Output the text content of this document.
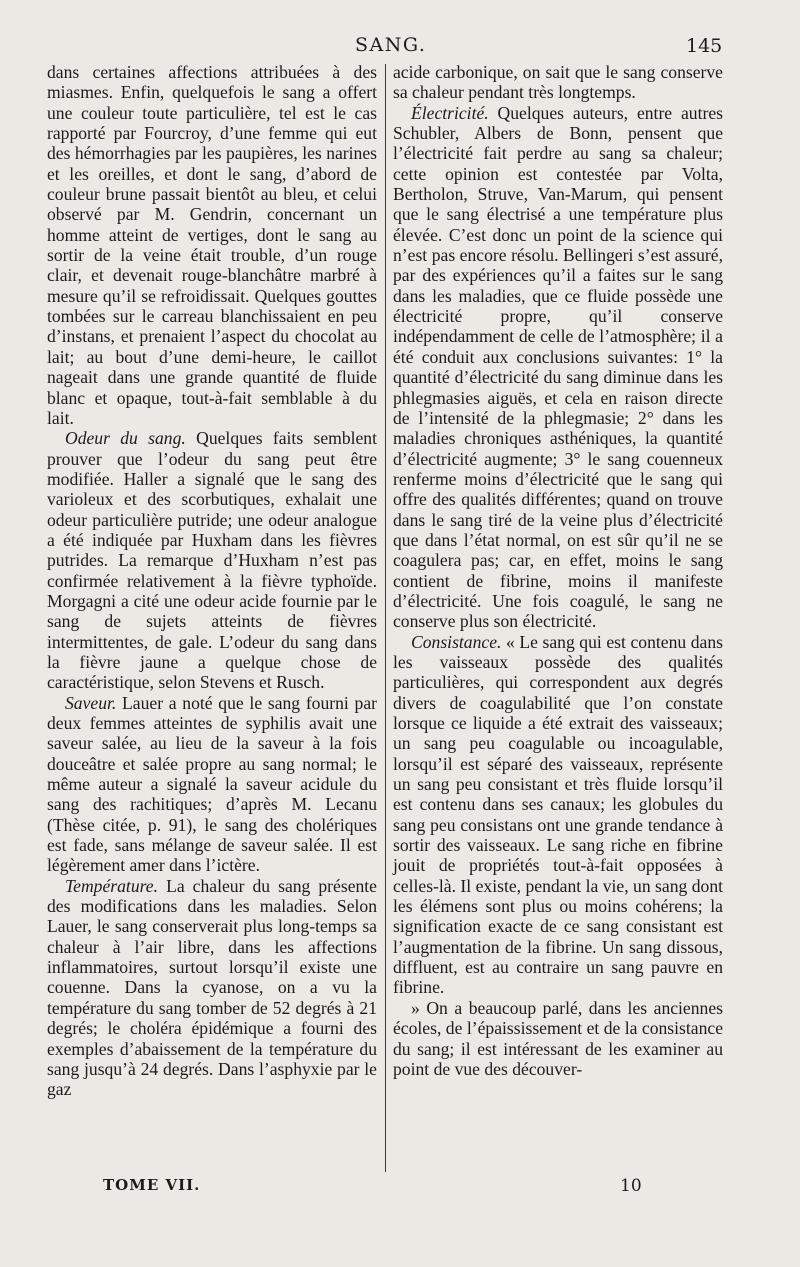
SANG.	145

dans certaines affections attribuées à des miasmes. Enfin, quelquefois le sang a offert une couleur toute particulière, tel est le cas rapporté par Fourcroy, d’une femme qui eut des hémorrhagies par les paupières, les narines et les oreilles, et dont le sang, d’abord de couleur brune passait bientôt au bleu, et celui observé par M. Gendrin, concernant un homme atteint de vertiges, dont le sang au sortir de la veine était trouble, d’un rouge clair, et devenait rouge-blanchâtre marbré à mesure qu’il se refroidissait. Quelques gouttes tombées sur le carreau blanchissaient en peu d’instans, et prenaient l’aspect du chocolat au lait; au bout d’une demi-heure, le caillot nageait dans une grande quantité de fluide blanc et opaque, tout-à-fait semblable à du lait.

Odeur du sang. Quelques faits semblent prouver que l’odeur du sang peut être modifiée. Haller a signalé que le sang des varioleux et des scorbutiques, exhalait une odeur particulière putride; une odeur analogue a été indiquée par Huxham dans les fièvres putrides. La remarque d’Huxham n’est pas confirmée relativement à la fièvre typhoïde. Morgagni a cité une odeur acide fournie par le sang de sujets atteints de fièvres intermittentes, de gale. L’odeur du sang dans la fièvre jaune a quelque chose de caractéristique, selon Stevens et Rusch.

Saveur. Lauer a noté que le sang fourni par deux femmes atteintes de syphilis avait une saveur salée, au lieu de la saveur à la fois douceâtre et salée propre au sang normal; le même auteur a signalé la saveur acidule du sang des rachitiques; d’après M. Lecanu (Thèse citée, p. 91), le sang des cholériques est fade, sans mélange de saveur salée. Il est légèrement amer dans l’ictère.

Température. La chaleur du sang présente des modifications dans les maladies. Selon Lauer, le sang conserverait plus long-temps sa chaleur à l’air libre, dans les affections inflammatoires, surtout lorsqu’il existe une couenne. Dans la cyanose, on a vu la température du sang tomber de 52 degrés à 21 degrés; le choléra épidémique a fourni des exemples d’abaissement de la température du sang jusqu’à 24 degrés. Dans l’asphyxie par le gaz

acide carbonique, on sait que le sang conserve sa chaleur pendant très longtemps.

Électricité. Quelques auteurs, entre autres Schubler, Albers de Bonn, pensent que l’électricité fait perdre au sang sa chaleur; cette opinion est contestée par Volta, Bertholon, Struve, Van-Marum, qui pensent que le sang électrisé a une température plus élevée. C’est donc un point de la science qui n’est pas encore résolu. Bellingeri s’est assuré, par des expériences qu’il a faites sur le sang dans les maladies, que ce fluide possède une électricité propre, qu’il conserve indépendamment de celle de l’atmosphère; il a été conduit aux conclusions suivantes: 1° la quantité d’électricité du sang diminue dans les phlegmasies aiguës, et cela en raison directe de l’intensité de la phlegmasie; 2° dans les maladies chroniques asthéniques, la quantité d’électricité augmente; 3° le sang couenneux renferme moins d’électricité que le sang qui offre des qualités différentes; quand on trouve dans le sang tiré de la veine plus d’électricité que dans l’état normal, on est sûr qu’il ne se coagulera pas; car, en effet, moins le sang contient de fibrine, moins il manifeste d’électricité. Une fois coagulé, le sang ne conserve plus son électricité.

Consistance. « Le sang qui est contenu dans les vaisseaux possède des qualités particulières, qui correspondent aux degrés divers de coagulabilité que l’on constate lorsque ce liquide a été extrait des vaisseaux; un sang peu coagulable ou incoagulable, lorsqu’il est séparé des vaisseaux, représente un sang peu consistant et très fluide lorsqu’il est contenu dans ses canaux; les globules du sang peu consistans ont une grande tendance à sortir des vaisseaux. Le sang riche en fibrine jouit de propriétés tout-à-fait opposées à celles-là. Il existe, pendant la vie, un sang dont les élémens sont plus ou moins cohérens; la signification exacte de ce sang consistant est l’augmentation de la fibrine. Un sang dissous, diffluent, est au contraire un sang pauvre en fibrine.

» On a beaucoup parlé, dans les anciennes écoles, de l’épaississement et de la consistance du sang; il est intéressant de les examiner au point de vue des découver-

TOME VII.	10
